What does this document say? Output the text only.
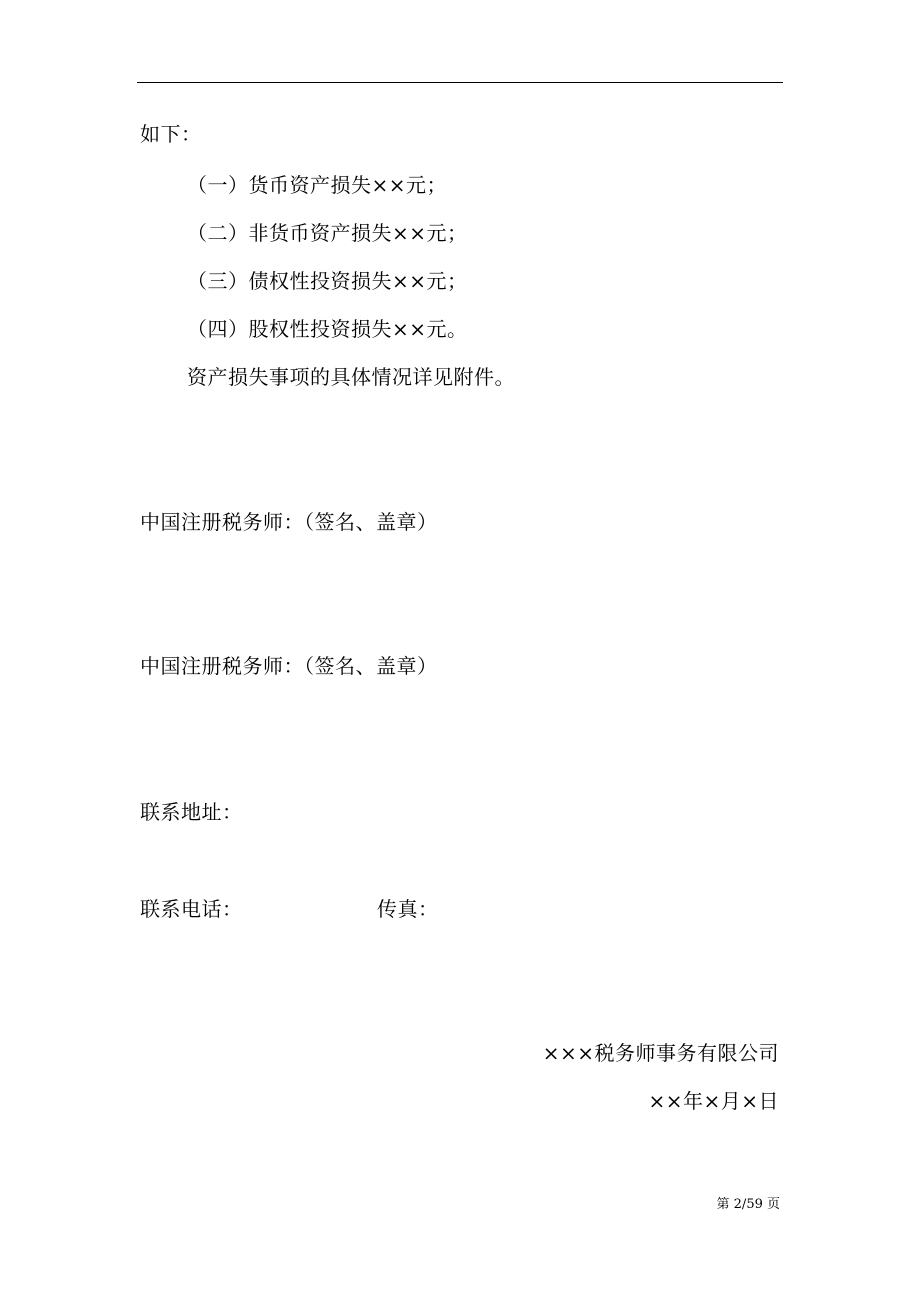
如下：
（一）货币资产损失××元；
（二）非货币资产损失××元；
（三）债权性投资损失××元；
（四）股权性投资损失××元。
资产损失事项的具体情况详见附件。
中国注册税务师：（签名、盖章）
中国注册税务师：（签名、盖章）
联系地址：
联系电话：	传真：
×××税务师事务有限公司
××年×月×日
第 2/59 页
